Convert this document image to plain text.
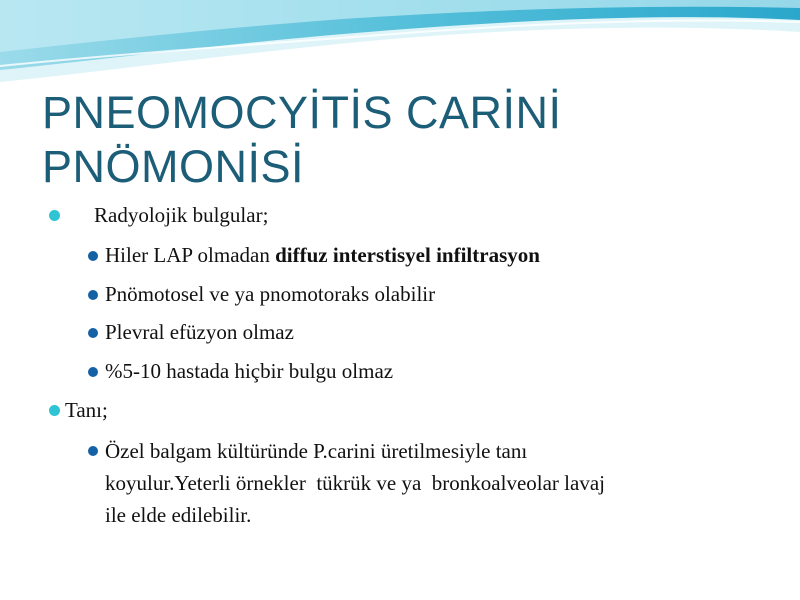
PNEOMOCYİTİS CARİNİ
PNÖMONİSİ
Radyolojik bulgular;
Hiler LAP olmadan diffuz interstisyel infiltrasyon
Pnömotosel ve ya pnomotoraks olabilir
Plevral efüzyon olmaz
%5-10 hastada hiçbir bulgu olmaz
Tanı;
Özel balgam kültüründe P.carini üretilmesiyle tanı
koyulur.Yeterli örnekler  tükrük ve ya  bronkoalveolar lavaj
ile elde edilebilir.
